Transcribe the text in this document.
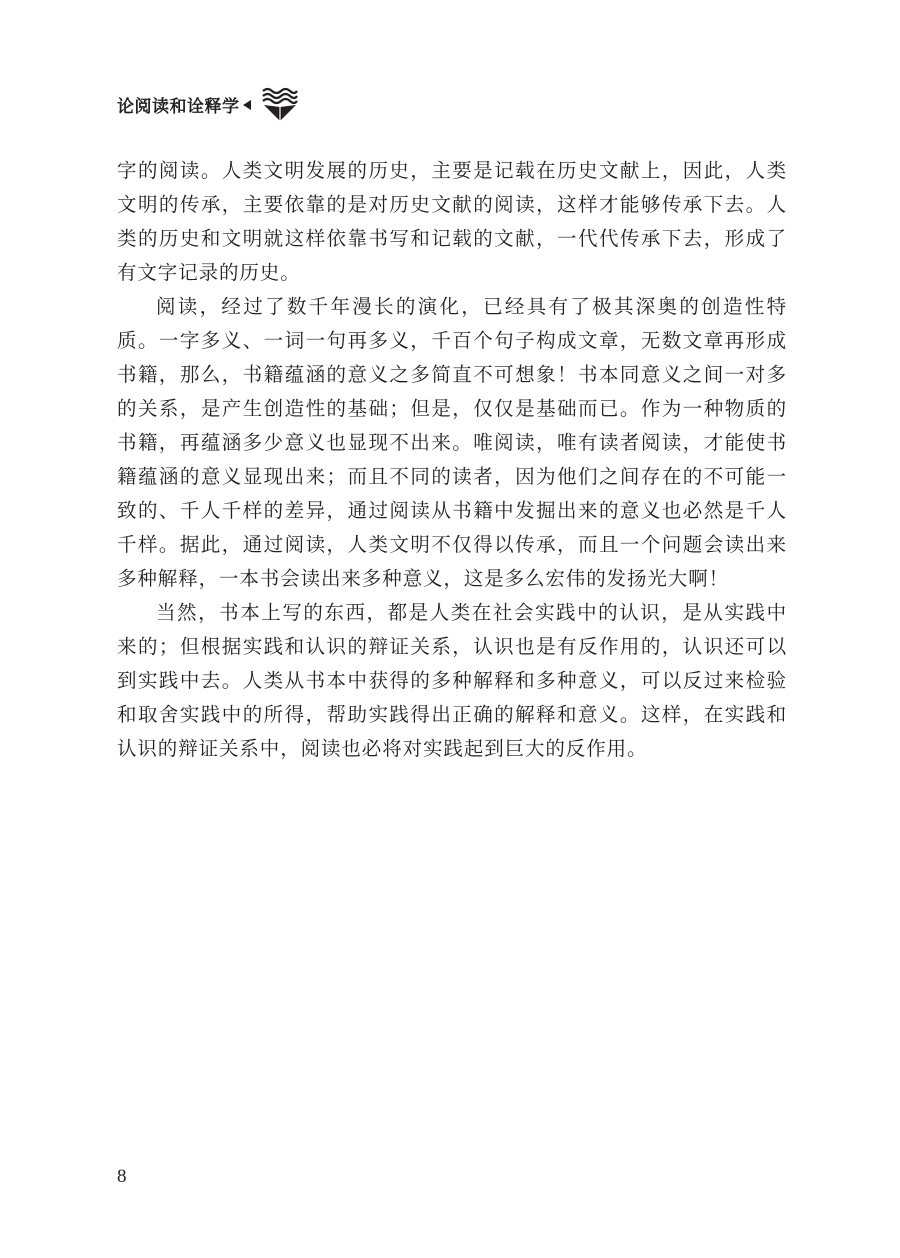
论阅读和诠释学

字的阅读。人类文明发展的历史，主要是记载在历史文献上，因此，人类文明的传承，主要依靠的是对历史文献的阅读，这样才能够传承下去。人类的历史和文明就这样依靠书写和记载的文献，一代代传承下去，形成了有文字记录的历史。

阅读，经过了数千年漫长的演化，已经具有了极其深奥的创造性特质。一字多义、一词一句再多义，千百个句子构成文章，无数文章再形成书籍，那么，书籍蕴涵的意义之多简直不可想象！书本同意义之间一对多的关系，是产生创造性的基础；但是，仅仅是基础而已。作为一种物质的书籍，再蕴涵多少意义也显现不出来。唯阅读，唯有读者阅读，才能使书籍蕴涵的意义显现出来；而且不同的读者，因为他们之间存在的不可能一致的、千人千样的差异，通过阅读从书籍中发掘出来的意义也必然是千人千样。据此，通过阅读，人类文明不仅得以传承，而且一个问题会读出来多种解释，一本书会读出来多种意义，这是多么宏伟的发扬光大啊！

当然，书本上写的东西，都是人类在社会实践中的认识，是从实践中来的；但根据实践和认识的辩证关系，认识也是有反作用的，认识还可以到实践中去。人类从书本中获得的多种解释和多种意义，可以反过来检验和取舍实践中的所得，帮助实践得出正确的解释和意义。这样，在实践和认识的辩证关系中，阅读也必将对实践起到巨大的反作用。

8
